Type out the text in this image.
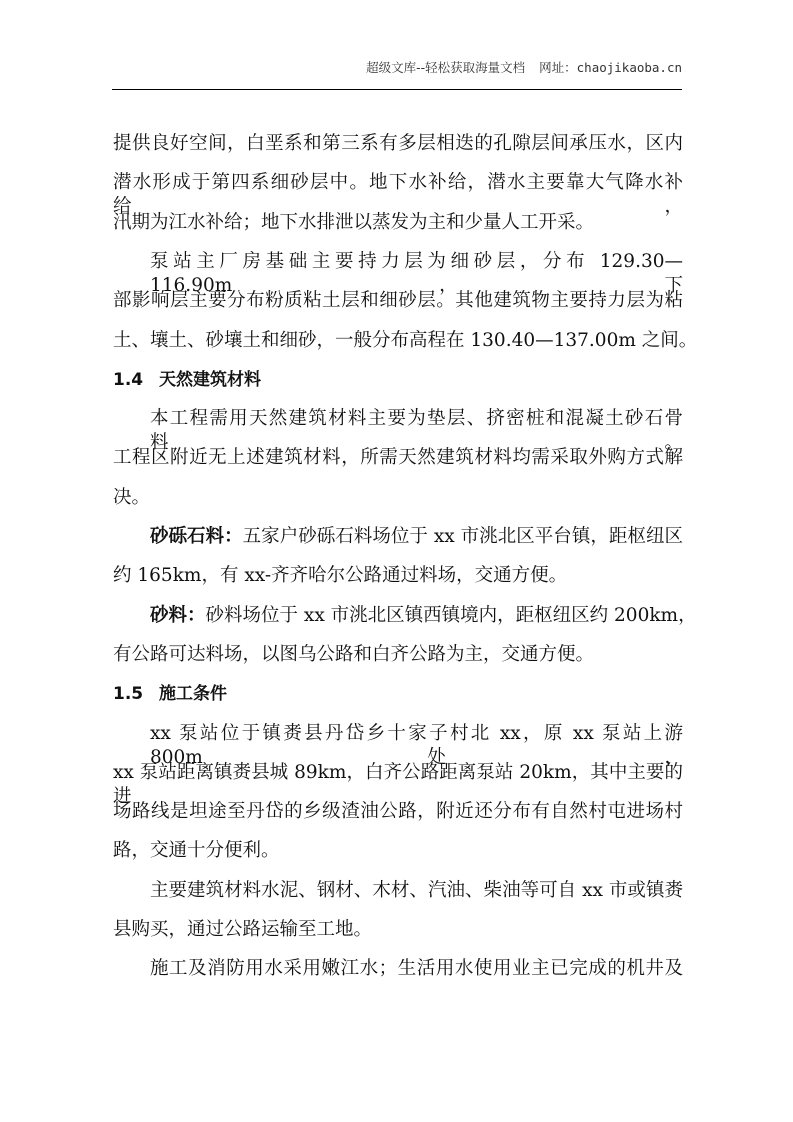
超级文库--轻松获取海量文档 网址：chaojikaoba.cn
提供良好空间，白垩系和第三系有多层相迭的孔隙层间承压水，区内
潜水形成于第四系细砂层中。地下水补给，潜水主要靠大气降水补给，
汛期为江水补给；地下水排泄以蒸发为主和少量人工开采。
泵站主厂房基础主要持力层为细砂层，分布 129.30—116.90m，下
部影响层主要分布粉质粘土层和细砂层。其他建筑物主要持力层为粘
土、壤土、砂壤土和细砂，一般分布高程在 130.40—137.00m 之间。
1.4 天然建筑材料
本工程需用天然建筑材料主要为垫层、挤密桩和混凝土砂石骨料。
工程区附近无上述建筑材料，所需天然建筑材料均需采取外购方式解
决。
砂砾石料：五家户砂砾石料场位于 xx 市洮北区平台镇，距枢纽区
约 165km，有 xx-齐齐哈尔公路通过料场，交通方便。
砂料：砂料场位于 xx 市洮北区镇西镇境内，距枢纽区约 200km，
有公路可达料场，以图乌公路和白齐公路为主，交通方便。
1.5 施工条件
xx 泵站位于镇赉县丹岱乡十家子村北 xx，原 xx 泵站上游 800m 处，
xx 泵站距离镇赉县城 89km，白齐公路距离泵站 20km，其中主要的进
场路线是坦途至丹岱的乡级渣油公路，附近还分布有自然村屯进场村
路，交通十分便利。
主要建筑材料水泥、钢材、木材、汽油、柴油等可自 xx 市或镇赉
县购买，通过公路运输至工地。
施工及消防用水采用嫩江水；生活用水使用业主已完成的机井及
